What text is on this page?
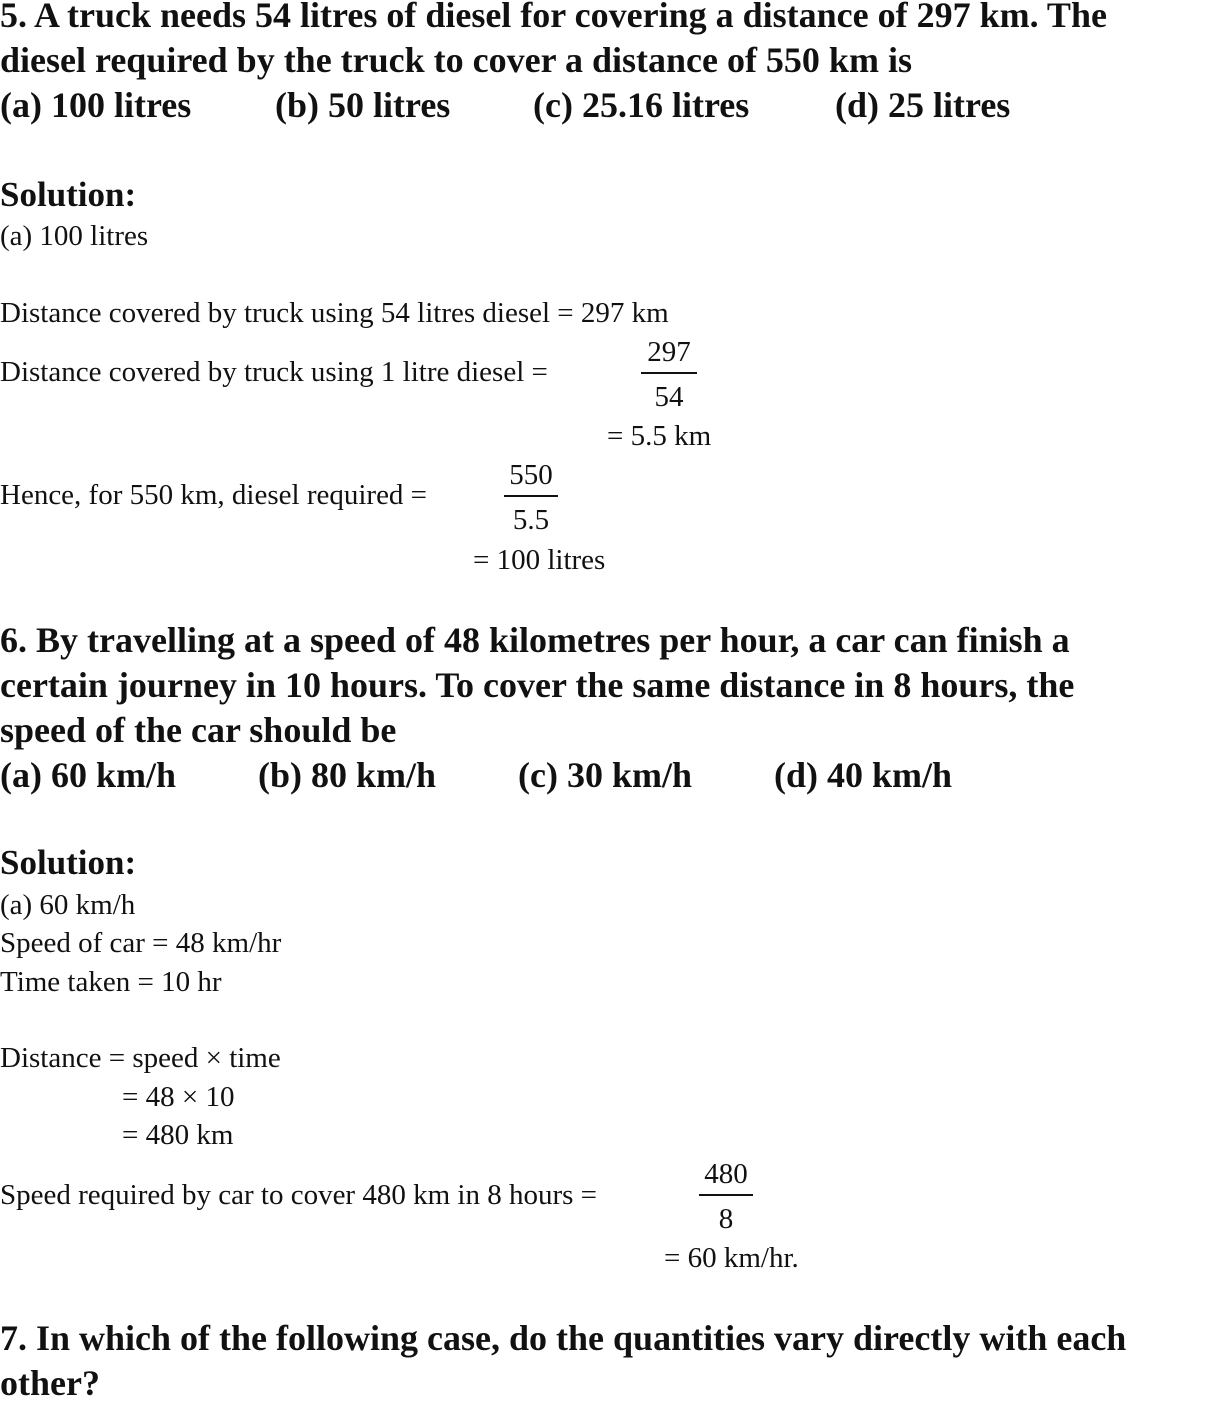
5. A truck needs 54 litres of diesel for covering a distance of 297 km. The
diesel required by the truck to cover a distance of 550 km is
(a) 100 litres (b) 50 litres (c) 25.16 litres (d) 25 litres
Solution:
(a) 100 litres
Distance covered by truck using 54 litres diesel = 297 km
Distance covered by truck using 1 litre diesel =
297
54
= 5.5 km
Hence, for 550 km, diesel required =
550
5.5
= 100 litres
6. By travelling at a speed of 48 kilometres per hour, a car can finish a
certain journey in 10 hours. To cover the same distance in 8 hours, the
speed of the car should be
(a) 60 km/h (b) 80 km/h (c) 30 km/h (d) 40 km/h
Solution:
(a) 60 km/h
Speed of car = 48 km/hr
Time taken = 10 hr
Distance = speed × time
= 48 × 10
= 480 km
Speed required by car to cover 480 km in 8 hours =
480
8
= 60 km/hr.
7. In which of the following case, do the quantities vary directly with each
other?
